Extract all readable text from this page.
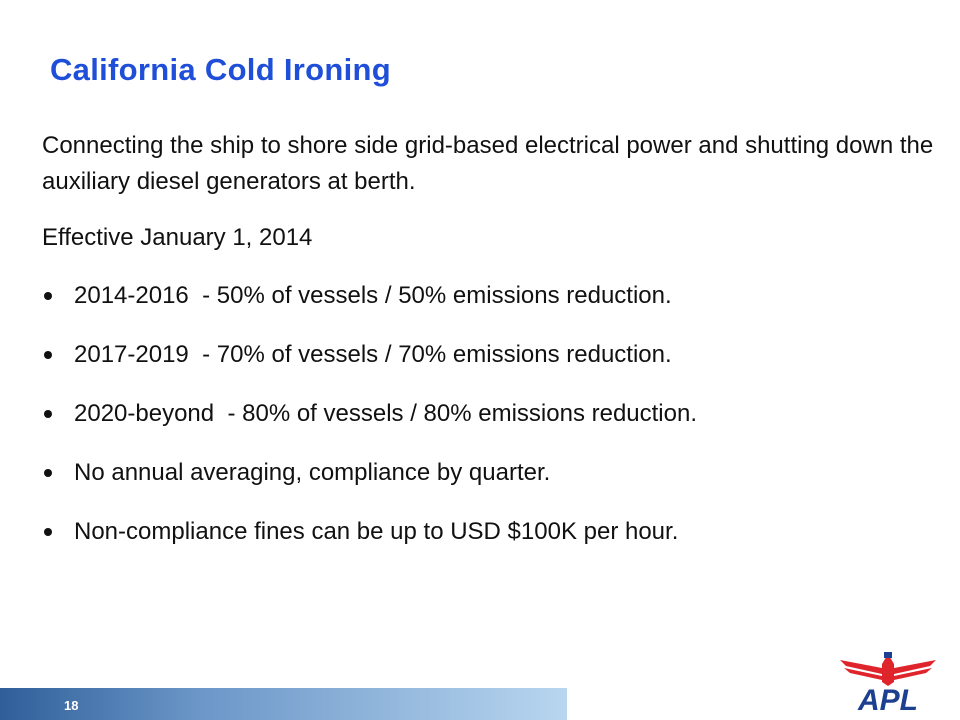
California Cold Ironing

Connecting the ship to shore side grid-based electrical power and shutting down the auxiliary diesel generators at berth.

Effective January 1, 2014

2014-2016  - 50% of vessels / 50% emissions reduction.
2017-2019  - 70% of vessels / 70% emissions reduction.
2020-beyond  - 80% of vessels / 80% emissions reduction.
No annual averaging, compliance by quarter.
Non-compliance fines can be up to USD $100K per hour.
18	APL
